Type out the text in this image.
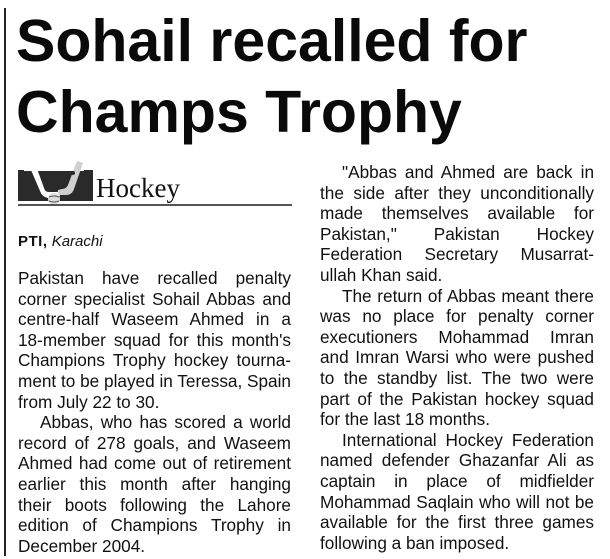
Sohail recalled for
Champs Trophy
Hockey
PTI, Karachi

Pakistan have recalled penalty corner specialist Sohail Abbas and centre-half Waseem Ahmed in a 18-member squad for this month's Champions Trophy hockey tourna-ment to be played in Teressa, Spain from July 22 to 30.

Abbas, who has scored a world record of 278 goals, and Waseem Ahmed had come out of retirement earlier this month after hanging their boots following the Lahore edition of Champions Trophy in December 2004.

"Abbas and Ahmed are back in the side after they unconditionally made themselves available for Pakistan," Pakistan Hockey Federation Secretary Musarrat-ullah Khan said.

The return of Abbas meant there was no place for penalty corner executioners Mohammad Imran and Imran Warsi who were pushed to the standby list. The two were part of the Pakistan hockey squad for the last 18 months.

International Hockey Federation named defender Ghazanfar Ali as captain in place of midfielder Mohammad Saqlain who will not be available for the first three games following a ban imposed.
